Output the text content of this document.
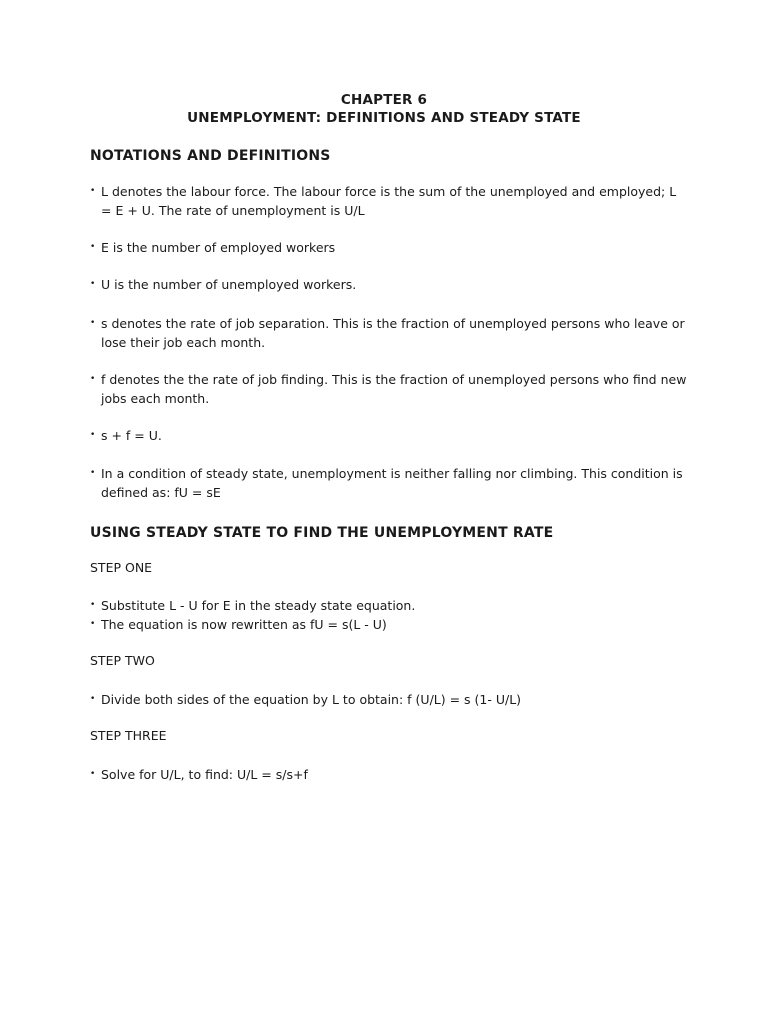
CHAPTER 6
UNEMPLOYMENT: DEFINITIONS AND STEADY STATE
NOTATIONS AND DEFINITIONS
• L denotes the labour force. The labour force is the sum of the unemployed and employed; L = E + U. The rate of unemployment is U/L
• E is the number of employed workers
• U is the number of unemployed workers.
• s denotes the rate of job separation. This is the fraction of unemployed persons who leave or lose their job each month.
• f denotes the the rate of job finding. This is the fraction of unemployed persons who find new jobs each month.
• s + f = U.
• In a condition of steady state, unemployment is neither falling nor climbing. This condition is defined as: fU = sE
USING STEADY STATE TO FIND THE UNEMPLOYMENT RATE
STEP ONE
• Substitute L - U for E in the steady state equation.
• The equation is now rewritten as fU = s(L - U)
STEP TWO
• Divide both sides of the equation by L to obtain: f (U/L) = s (1- U/L)
STEP THREE
• Solve for U/L, to find: U/L = s/s+f
